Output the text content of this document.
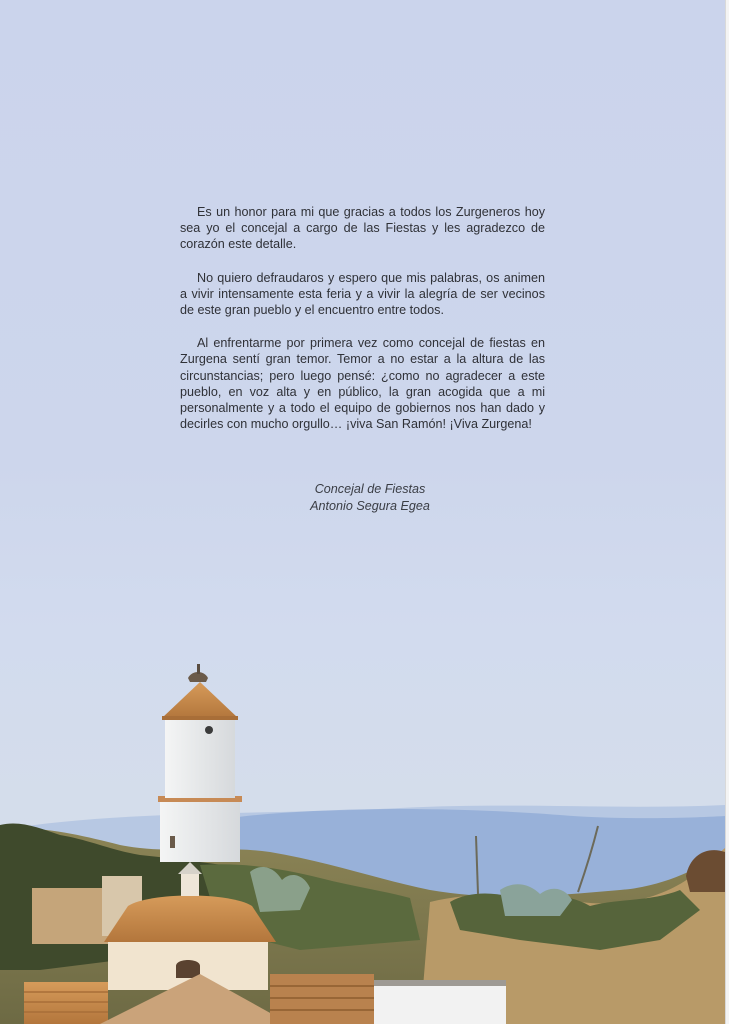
Es un honor para mi que gracias a todos los Zurgeneros hoy sea yo el concejal a cargo de las Fiestas y les agradezco de corazón este detalle.

No quiero defraudaros y espero que mis palabras, os animen a vivir intensamente esta feria y a vivir la alegría de ser vecinos de este gran pueblo y el encuentro entre todos.

Al enfrentarme por primera vez como concejal de fiestas en Zurgena sentí gran temor. Temor a no estar a la altura de las circunstancias; pero luego pensé: ¿como no agradecer a este pueblo, en voz alta y en público, la gran acogida que a mi personalmente y a todo el equipo de gobiernos nos han dado y decirles con mucho orgullo… ¡viva San Ramón! ¡Viva Zurgena!

Concejal de Fiestas
Antonio Segura Egea
